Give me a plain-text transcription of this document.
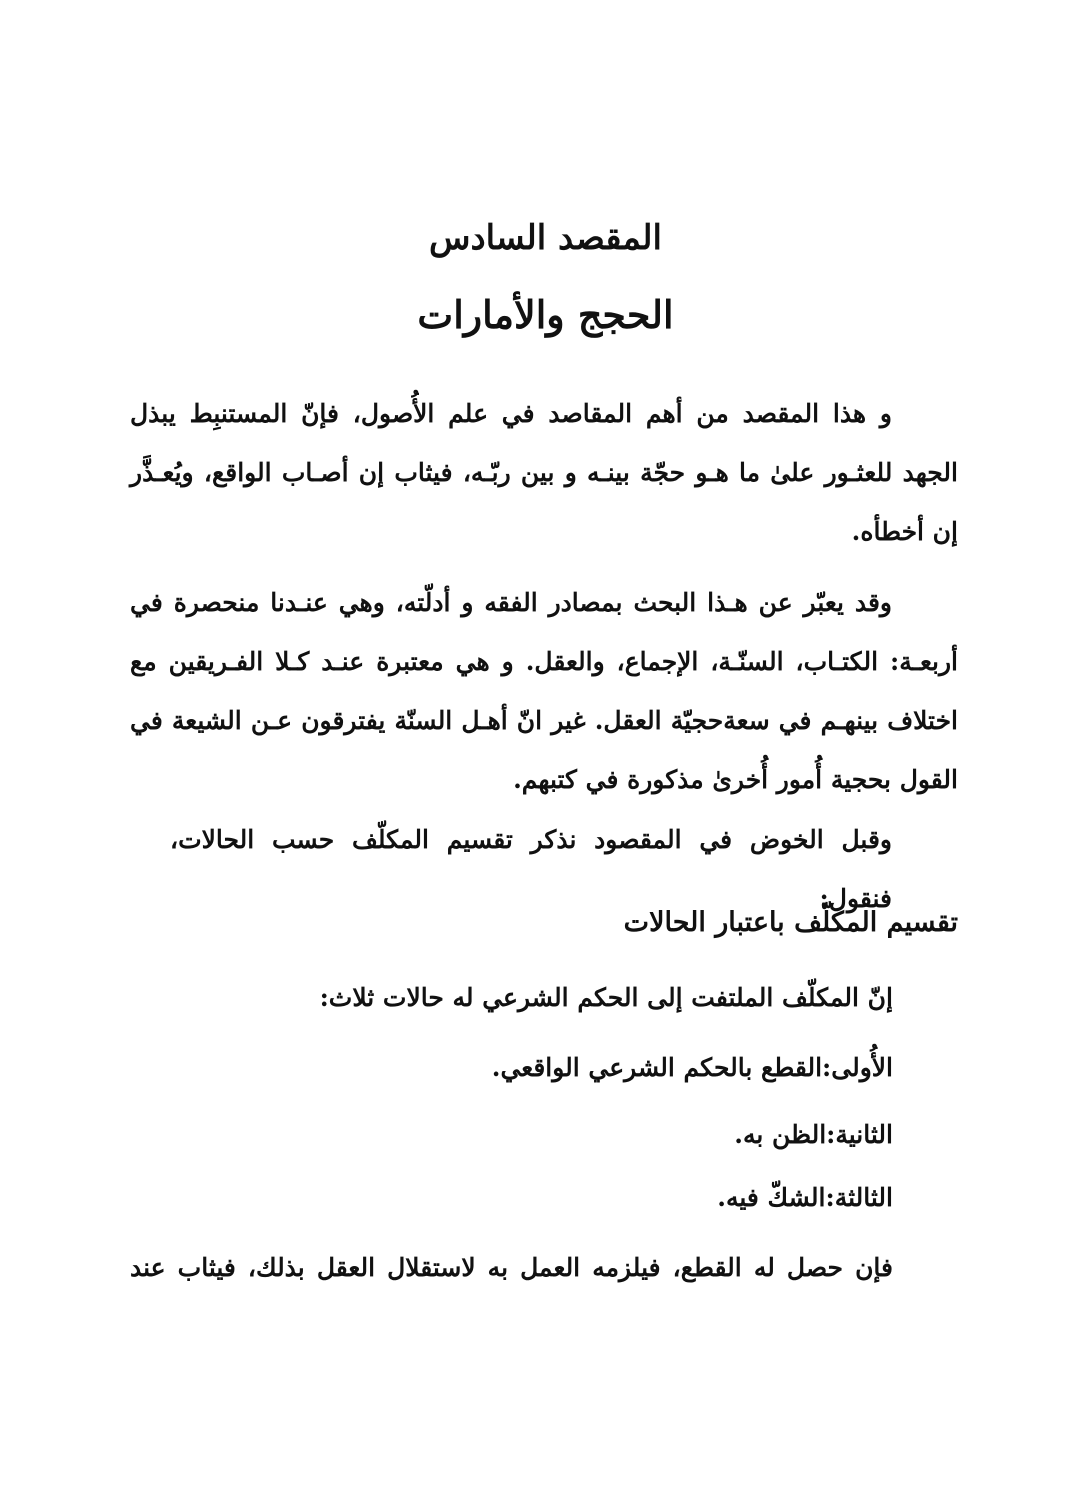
المقصد السادس
الحجج والأمارات

و هذا المقصد من أهم المقاصد في علم الأُصول، فإنّ المستنبِط يبذل الجهد للعثـور علىٰ ما هـو حجّة بينـه و بين ربّـه، فيثاب إن أصـاب الواقع، ويُعـذَّر إن أخطأه.

وقد يعبّر عن هـذا البحث بمصادر الفقه و أدلّته، وهي عنـدنا منحصرة في أربعـة: الكتـاب، السنّـة، الإجماع، والعقل. و هي معتبرة عنـد كـلا الفـريقين مع اختلاف بينهـم في سعةحجيّة العقل. غير انّ أهـل السنّة يفترقون عـن الشيعة في القول بحجية أُمور أُخرىٰ مذكورة في كتبهم.

وقبل الخوض في المقصود نذكر تقسيم المكلّف حسب الحالات، فنقول:

تقسيم المكلّف باعتبار الحالات

إنّ المكلّف الملتفت إلى الحكم الشرعي له حالات ثلاث:

الأُولى:القطع بالحكم الشرعي الواقعي.

الثانية:الظن به.

الثالثة:الشكّ فيه.

فإن حصل له القطع، فيلزمه العمل به لاستقلال العقل بذلك، فيثاب عند
